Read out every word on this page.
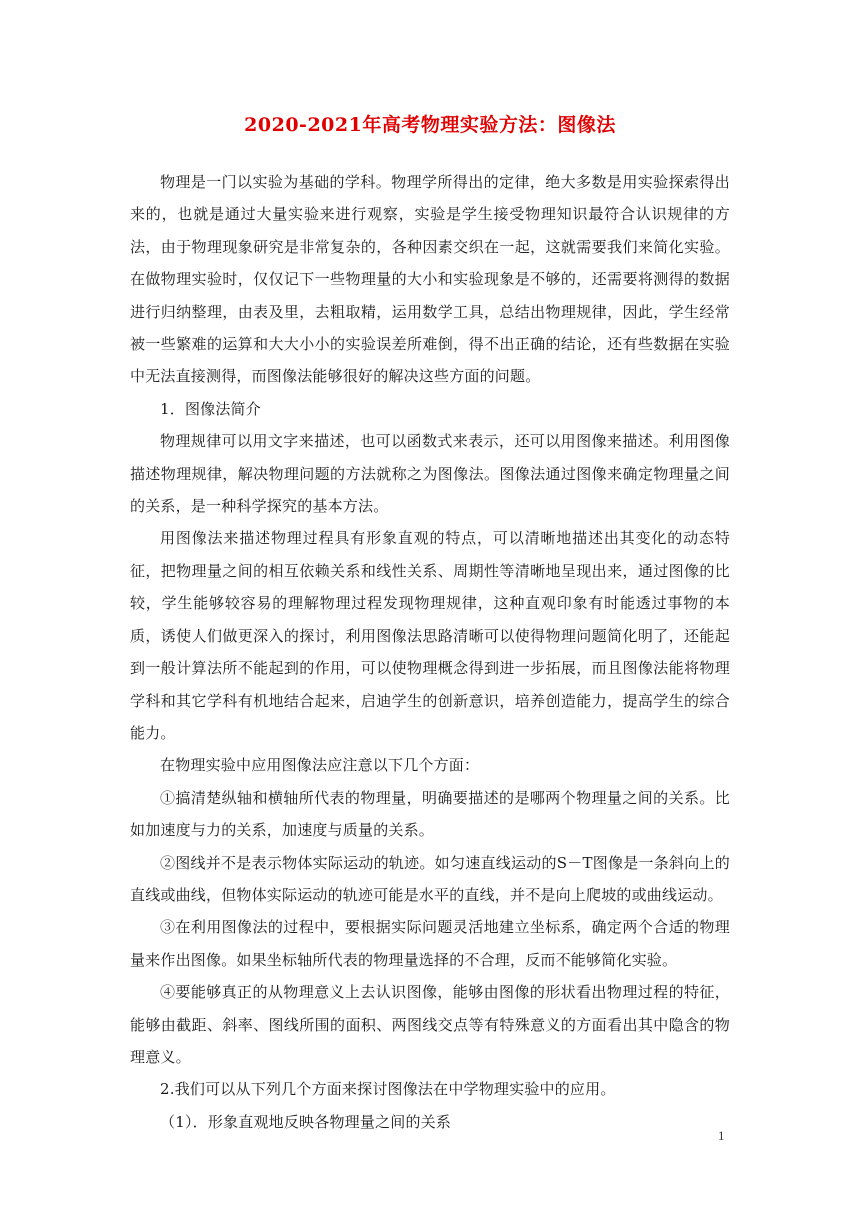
2020-2021年高考物理实验方法：图像法

物理是一门以实验为基础的学科。物理学所得出的定律，绝大多数是用实验探索得出来的，也就是通过大量实验来进行观察，实验是学生接受物理知识最符合认识规律的方法，由于物理现象研究是非常复杂的，各种因素交织在一起，这就需要我们来简化实验。在做物理实验时，仅仅记下一些物理量的大小和实验现象是不够的，还需要将测得的数据进行归纳整理，由表及里，去粗取精，运用数学工具，总结出物理规律，因此，学生经常被一些繁难的运算和大大小小的实验误差所难倒，得不出正确的结论，还有些数据在实验中无法直接测得，而图像法能够很好的解决这些方面的问题。

1．图像法简介

物理规律可以用文字来描述，也可以函数式来表示，还可以用图像来描述。利用图像描述物理规律，解决物理问题的方法就称之为图像法。图像法通过图像来确定物理量之间的关系，是一种科学探究的基本方法。

用图像法来描述物理过程具有形象直观的特点，可以清晰地描述出其变化的动态特征，把物理量之间的相互依赖关系和线性关系、周期性等清晰地呈现出来，通过图像的比较，学生能够较容易的理解物理过程发现物理规律，这种直观印象有时能透过事物的本质，诱使人们做更深入的探讨，利用图像法思路清晰可以使得物理问题简化明了，还能起到一般计算法所不能起到的作用，可以使物理概念得到进一步拓展，而且图像法能将物理学科和其它学科有机地结合起来，启迪学生的创新意识，培养创造能力，提高学生的综合能力。

在物理实验中应用图像法应注意以下几个方面：

①搞清楚纵轴和横轴所代表的物理量，明确要描述的是哪两个物理量之间的关系。比如加速度与力的关系，加速度与质量的关系。

②图线并不是表示物体实际运动的轨迹。如匀速直线运动的S－T图像是一条斜向上的直线或曲线，但物体实际运动的轨迹可能是水平的直线，并不是向上爬坡的或曲线运动。

③在利用图像法的过程中，要根据实际问题灵活地建立坐标系，确定两个合适的物理量来作出图像。如果坐标轴所代表的物理量选择的不合理，反而不能够简化实验。

④要能够真正的从物理意义上去认识图像，能够由图像的形状看出物理过程的特征，能够由截距、斜率、图线所围的面积、两图线交点等有特殊意义的方面看出其中隐含的物理意义。

2.我们可以从下列几个方面来探讨图像法在中学物理实验中的应用。

（1）．形象直观地反映各物理量之间的关系

1
